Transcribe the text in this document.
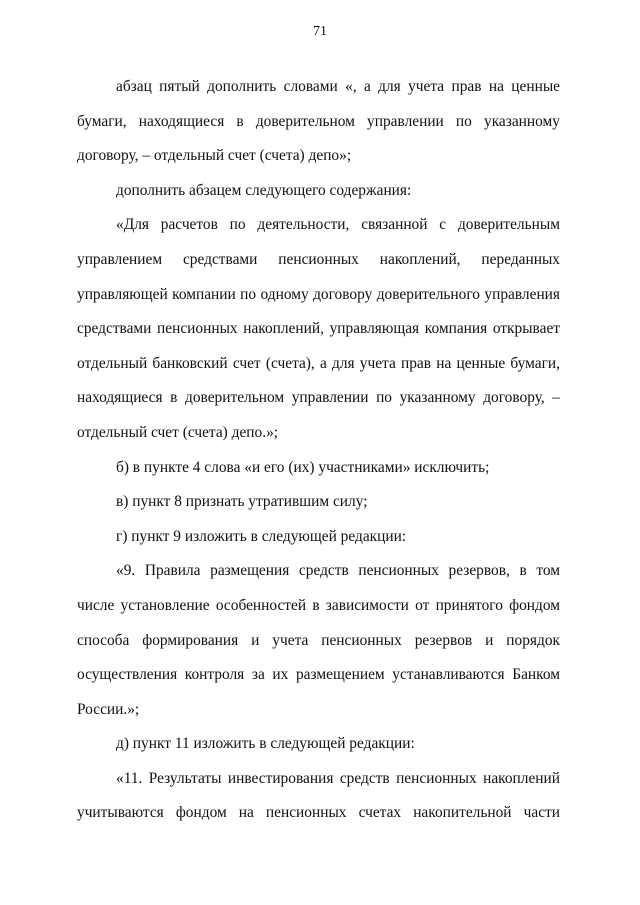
71

абзац пятый дополнить словами «, а для учета прав на ценные бумаги, находящиеся в доверительном управлении по указанному договору, – отдельный счет (счета) депо»;

дополнить абзацем следующего содержания:

«Для расчетов по деятельности, связанной с доверительным управлением средствами пенсионных накоплений, переданных управляющей компании по одному договору доверительного управления средствами пенсионных накоплений, управляющая компания открывает отдельный банковский счет (счета), а для учета прав на ценные бумаги, находящиеся в доверительном управлении по указанному договору, – отдельный счет (счета) депо.»;

б) в пункте 4 слова «и его (их) участниками» исключить;

в) пункт 8 признать утратившим силу;

г) пункт 9 изложить в следующей редакции:

«9. Правила размещения средств пенсионных резервов, в том числе установление особенностей в зависимости от принятого фондом способа формирования и учета пенсионных резервов и порядок осуществления контроля за их размещением устанавливаются Банком России.»;

д) пункт 11 изложить в следующей редакции:

«11. Результаты инвестирования средств пенсионных накоплений учитываются фондом на пенсионных счетах накопительной части
